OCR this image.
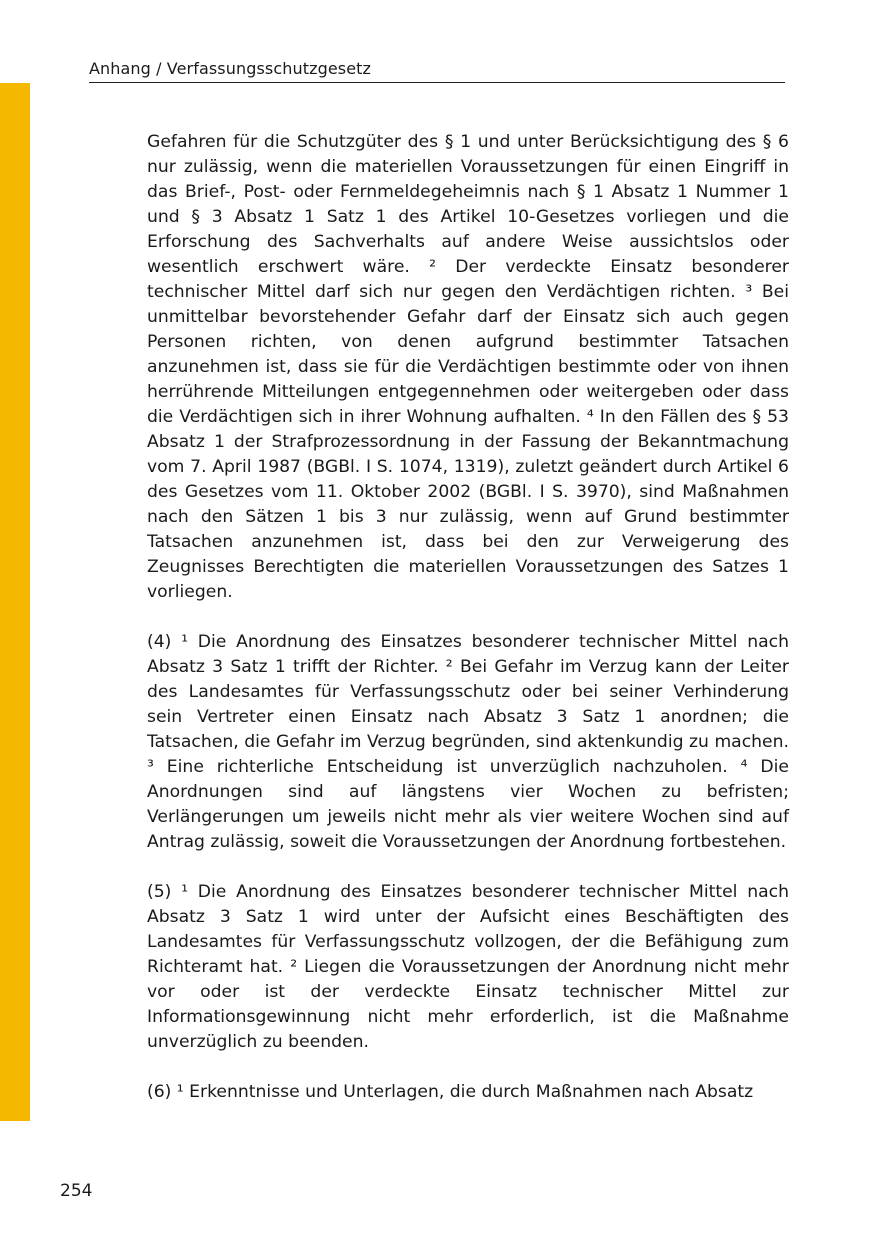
Anhang / Verfassungsschutzgesetz

Gefahren für die Schutzgüter des § 1 und unter Berücksichtigung des § 6 nur zulässig, wenn die materiellen Voraussetzungen für einen Eingriff in das Brief-, Post- oder Fernmeldegeheimnis nach § 1 Absatz 1 Nummer 1 und § 3 Absatz 1 Satz 1 des Artikel 10-Gesetzes vorliegen und die Erforschung des Sachverhalts auf andere Weise aussichtslos oder wesentlich erschwert wäre. ² Der verdeckte Einsatz besonderer technischer Mittel darf sich nur gegen den Verdächtigen richten. ³ Bei unmittelbar bevorstehender Gefahr darf der Einsatz sich auch gegen Personen richten, von denen aufgrund bestimmter Tatsachen anzunehmen ist, dass sie für die Verdächtigen bestimmte oder von ihnen herrührende Mitteilungen entgegennehmen oder weitergeben oder dass die Verdächtigen sich in ihrer Wohnung aufhalten. ⁴ In den Fällen des § 53 Absatz 1 der Strafprozessordnung in der Fassung der Bekanntmachung vom 7. April 1987 (BGBl. I S. 1074, 1319), zuletzt geändert durch Artikel 6 des Gesetzes vom 11. Oktober 2002 (BGBl. I S. 3970), sind Maßnahmen nach den Sätzen 1 bis 3 nur zulässig, wenn auf Grund bestimmter Tatsachen anzunehmen ist, dass bei den zur Verweigerung des Zeugnisses Berechtigten die materiellen Voraussetzungen des Satzes 1 vorliegen.

(4) ¹ Die Anordnung des Einsatzes besonderer technischer Mittel nach Absatz 3 Satz 1 trifft der Richter. ² Bei Gefahr im Verzug kann der Leiter des Landesamtes für Verfassungsschutz oder bei seiner Verhinderung sein Vertreter einen Einsatz nach Absatz 3 Satz 1 anordnen; die Tatsachen, die Gefahr im Verzug begründen, sind aktenkundig zu machen. ³ Eine richterliche Entscheidung ist unverzüglich nachzuholen. ⁴ Die Anordnungen sind auf längstens vier Wochen zu befristen; Verlängerungen um jeweils nicht mehr als vier weitere Wochen sind auf Antrag zulässig, soweit die Voraussetzungen der Anordnung fortbestehen.

(5) ¹ Die Anordnung des Einsatzes besonderer technischer Mittel nach Absatz 3 Satz 1 wird unter der Aufsicht eines Beschäftigten des Landesamtes für Verfassungsschutz vollzogen, der die Befähigung zum Richteramt hat. ² Liegen die Voraussetzungen der Anordnung nicht mehr vor oder ist der verdeckte Einsatz technischer Mittel zur Informationsgewinnung nicht mehr erforderlich, ist die Maßnahme unverzüglich zu beenden.

(6) ¹ Erkenntnisse und Unterlagen, die durch Maßnahmen nach Absatz

254
